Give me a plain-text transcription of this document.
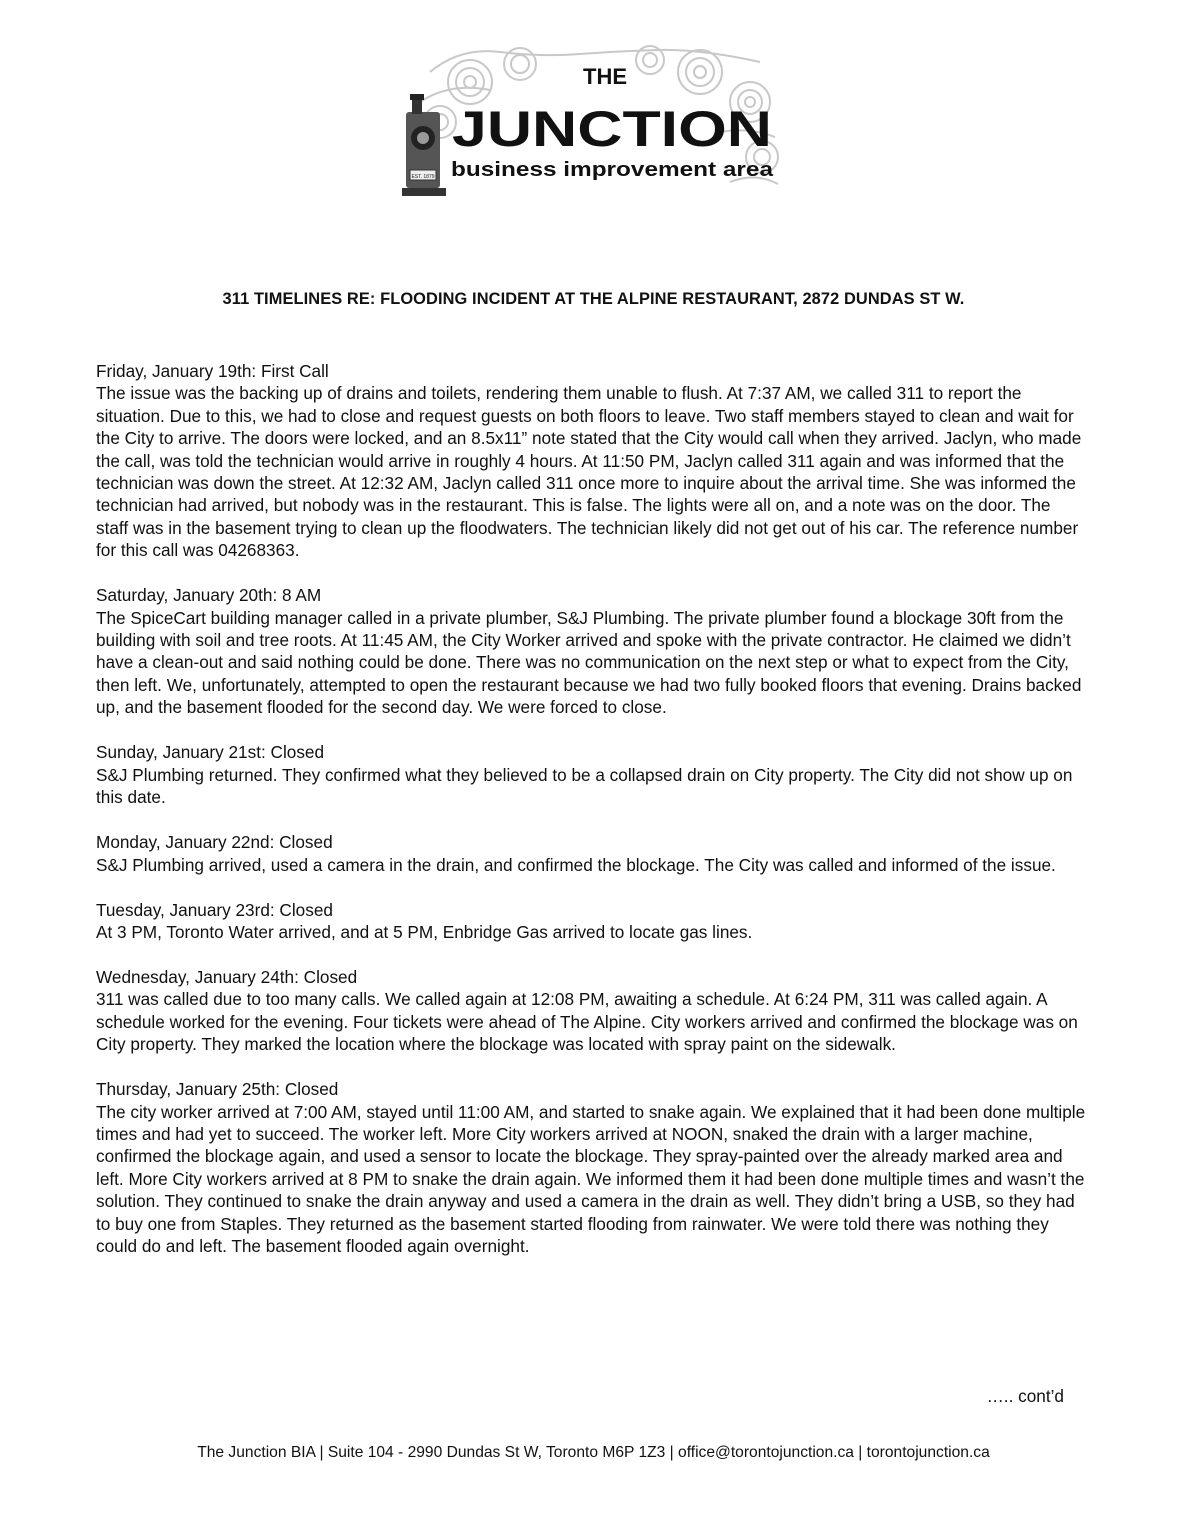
EST. 1879
THE
JUNCTION
business improvement area
311 TIMELINES RE: FLOODING INCIDENT AT THE ALPINE RESTAURANT, 2872 DUNDAS ST W.
Friday, January 19th: First Call
The issue was the backing up of drains and toilets, rendering them unable to flush. At 7:37 AM, we called 311 to report the situation. Due to this, we had to close and request guests on both floors to leave. Two staff members stayed to clean and wait for the City to arrive. The doors were locked, and an 8.5x11” note stated that the City would call when they arrived. Jaclyn, who made the call, was told the technician would arrive in roughly 4 hours. At 11:50 PM, Jaclyn called 311 again and was informed that the technician was down the street. At 12:32 AM, Jaclyn called 311 once more to inquire about the arrival time. She was informed the technician had arrived, but nobody was in the restaurant. This is false. The lights were all on, and a note was on the door. The staff was in the basement trying to clean up the floodwaters. The technician likely did not get out of his car. The reference number for this call was 04268363.
Saturday, January 20th: 8 AM
The SpiceCart building manager called in a private plumber, S&J Plumbing. The private plumber found a blockage 30ft from the building with soil and tree roots. At 11:45 AM, the City Worker arrived and spoke with the private contractor. He claimed we didn’t have a clean-out and said nothing could be done. There was no communication on the next step or what to expect from the City, then left. We, unfortunately, attempted to open the restaurant because we had two fully booked floors that evening. Drains backed up, and the basement flooded for the second day. We were forced to close.
Sunday, January 21st: Closed
S&J Plumbing returned. They confirmed what they believed to be a collapsed drain on City property. The City did not show up on this date.
Monday, January 22nd: Closed
S&J Plumbing arrived, used a camera in the drain, and confirmed the blockage. The City was called and informed of the issue.
Tuesday, January 23rd: Closed
At 3 PM, Toronto Water arrived, and at 5 PM, Enbridge Gas arrived to locate gas lines.
Wednesday, January 24th: Closed
311 was called due to too many calls. We called again at 12:08 PM, awaiting a schedule. At 6:24 PM, 311 was called again. A schedule worked for the evening. Four tickets were ahead of The Alpine. City workers arrived and confirmed the blockage was on City property. They marked the location where the blockage was located with spray paint on the sidewalk.
Thursday, January 25th: Closed
The city worker arrived at 7:00 AM, stayed until 11:00 AM, and started to snake again. We explained that it had been done multiple times and had yet to succeed. The worker left. More City workers arrived at NOON, snaked the drain with a larger machine, confirmed the blockage again, and used a sensor to locate the blockage. They spray-painted over the already marked area and left. More City workers arrived at 8 PM to snake the drain again. We informed them it had been done multiple times and wasn’t the solution. They continued to snake the drain anyway and used a camera in the drain as well. They didn’t bring a USB, so they had to buy one from Staples. They returned as the basement started flooding from rainwater. We were told there was nothing they could do and left. The basement flooded again overnight.
….. cont’d
The Junction BIA | Suite 104 - 2990 Dundas St W, Toronto M6P 1Z3 | office@torontojunction.ca | torontojunction.ca
